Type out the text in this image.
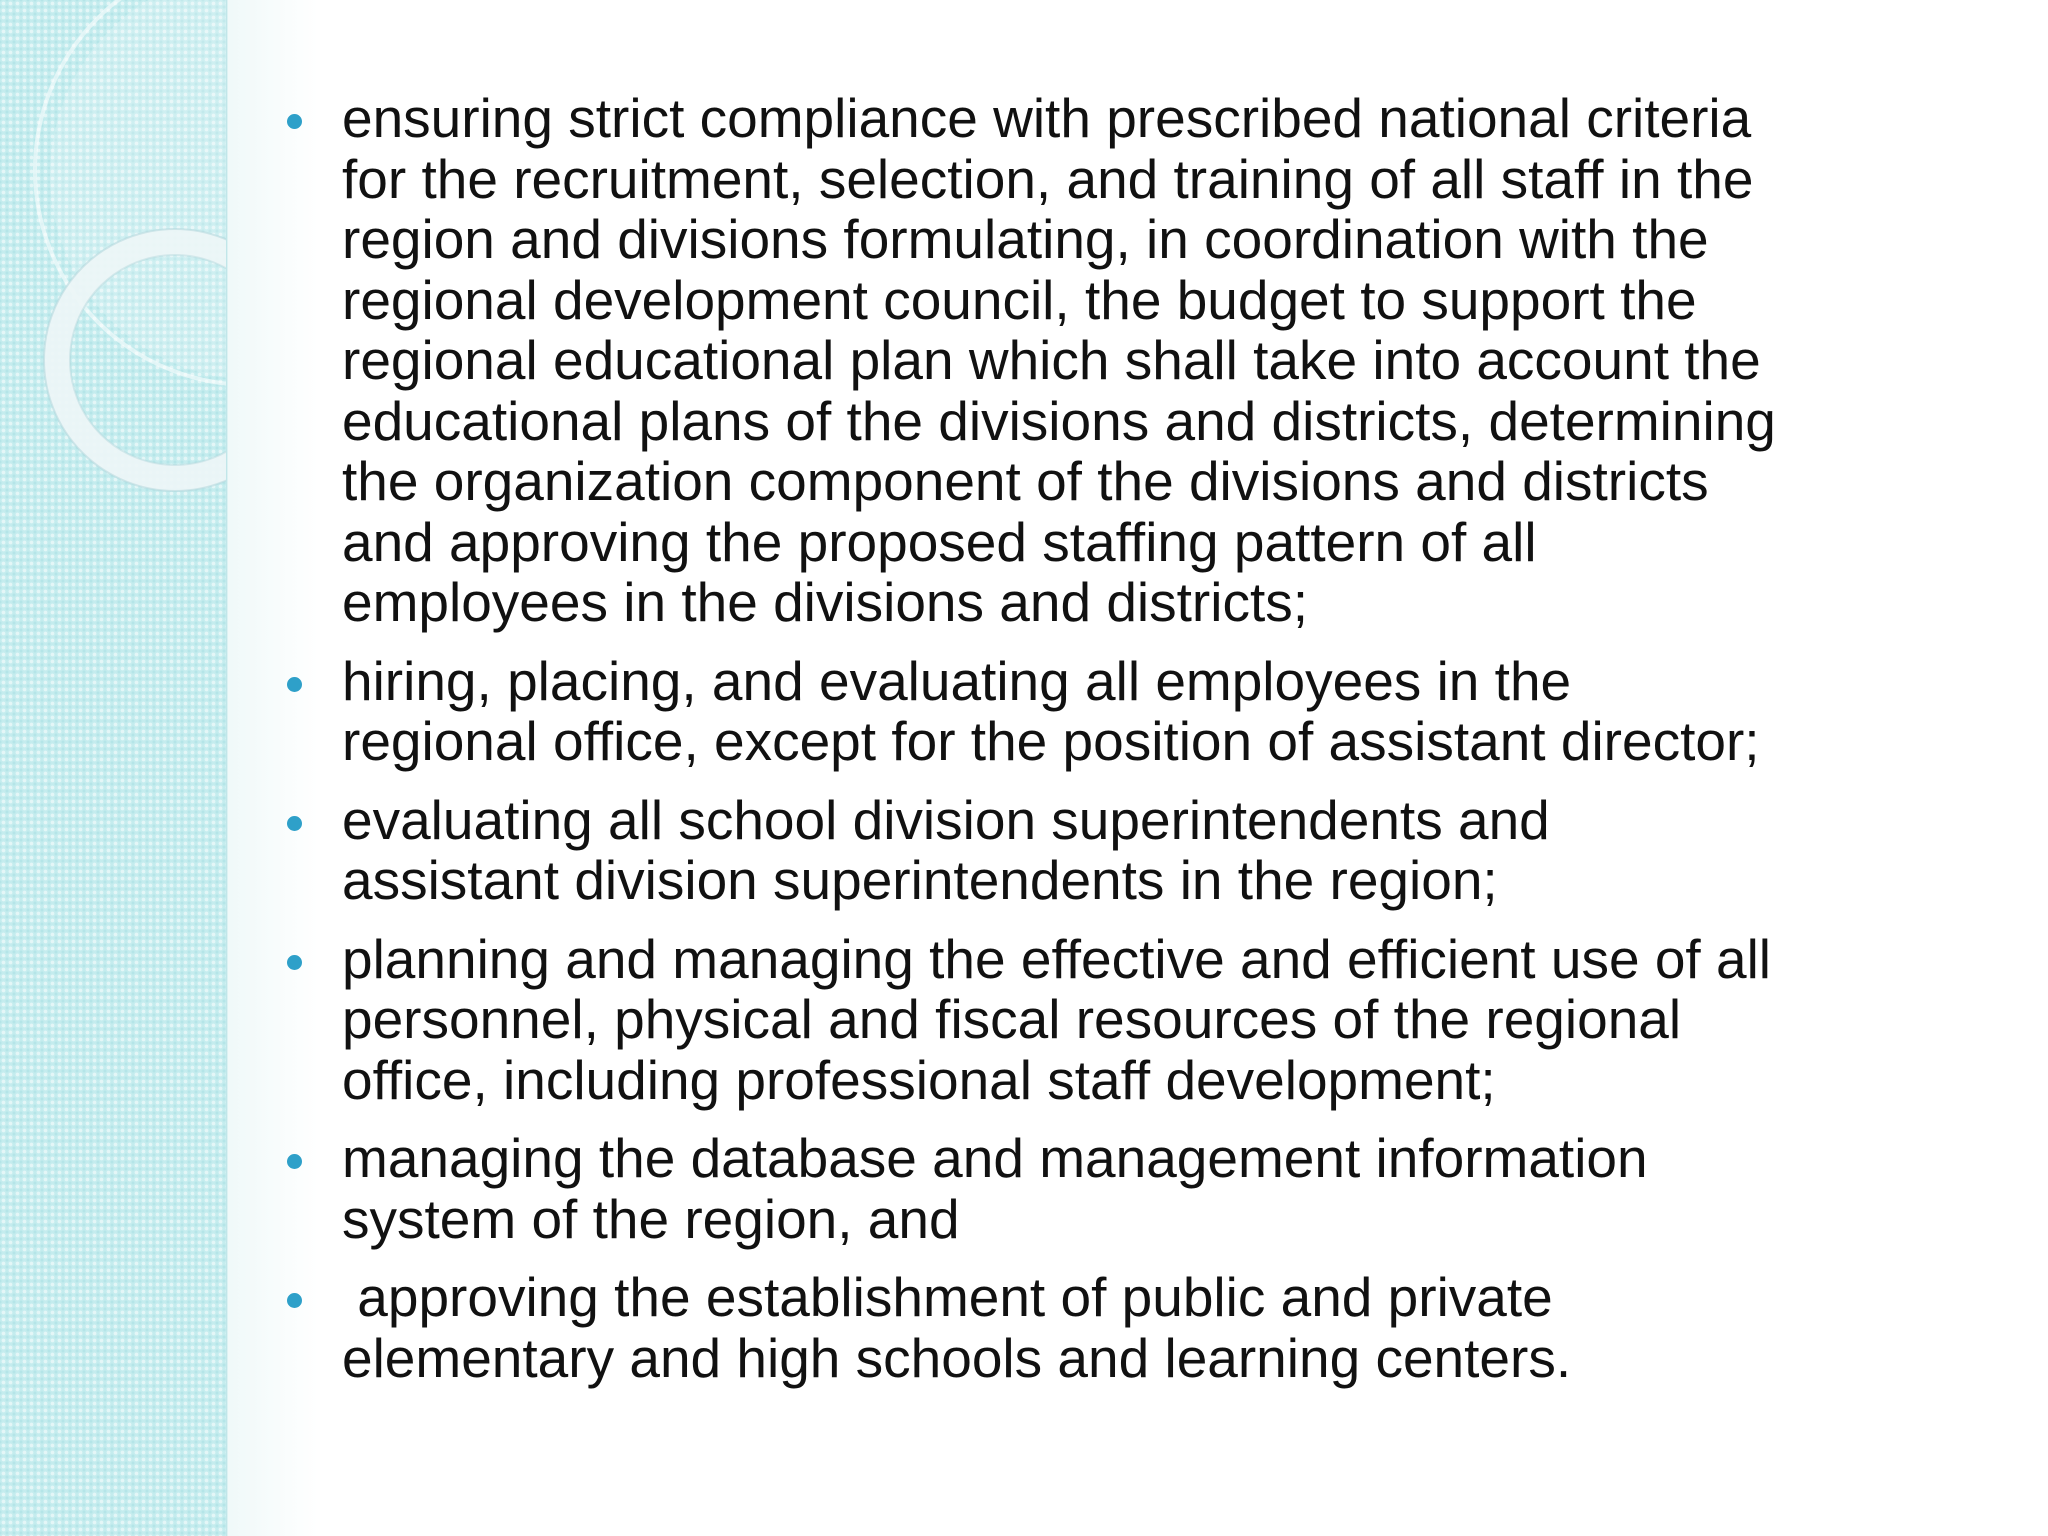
ensuring strict compliance with prescribed national criteria
for the recruitment, selection, and training of all staff in the
region and divisions formulating, in coordination with the
regional development council, the budget to support the
regional educational plan which shall take into account the
educational plans of the divisions and districts, determining
the organization component of the divisions and districts
and approving the proposed staffing pattern of all
employees in the divisions and districts;
hiring, placing, and evaluating all employees in the
regional office, except for the position of assistant director;
evaluating all school division superintendents and
assistant division superintendents in the region;
planning and managing the effective and efficient use of all
personnel, physical and fiscal resources of the regional
office, including professional staff development;
managing the database and management information
system of the region, and
approving the establishment of public and private
elementary and high schools and learning centers.
